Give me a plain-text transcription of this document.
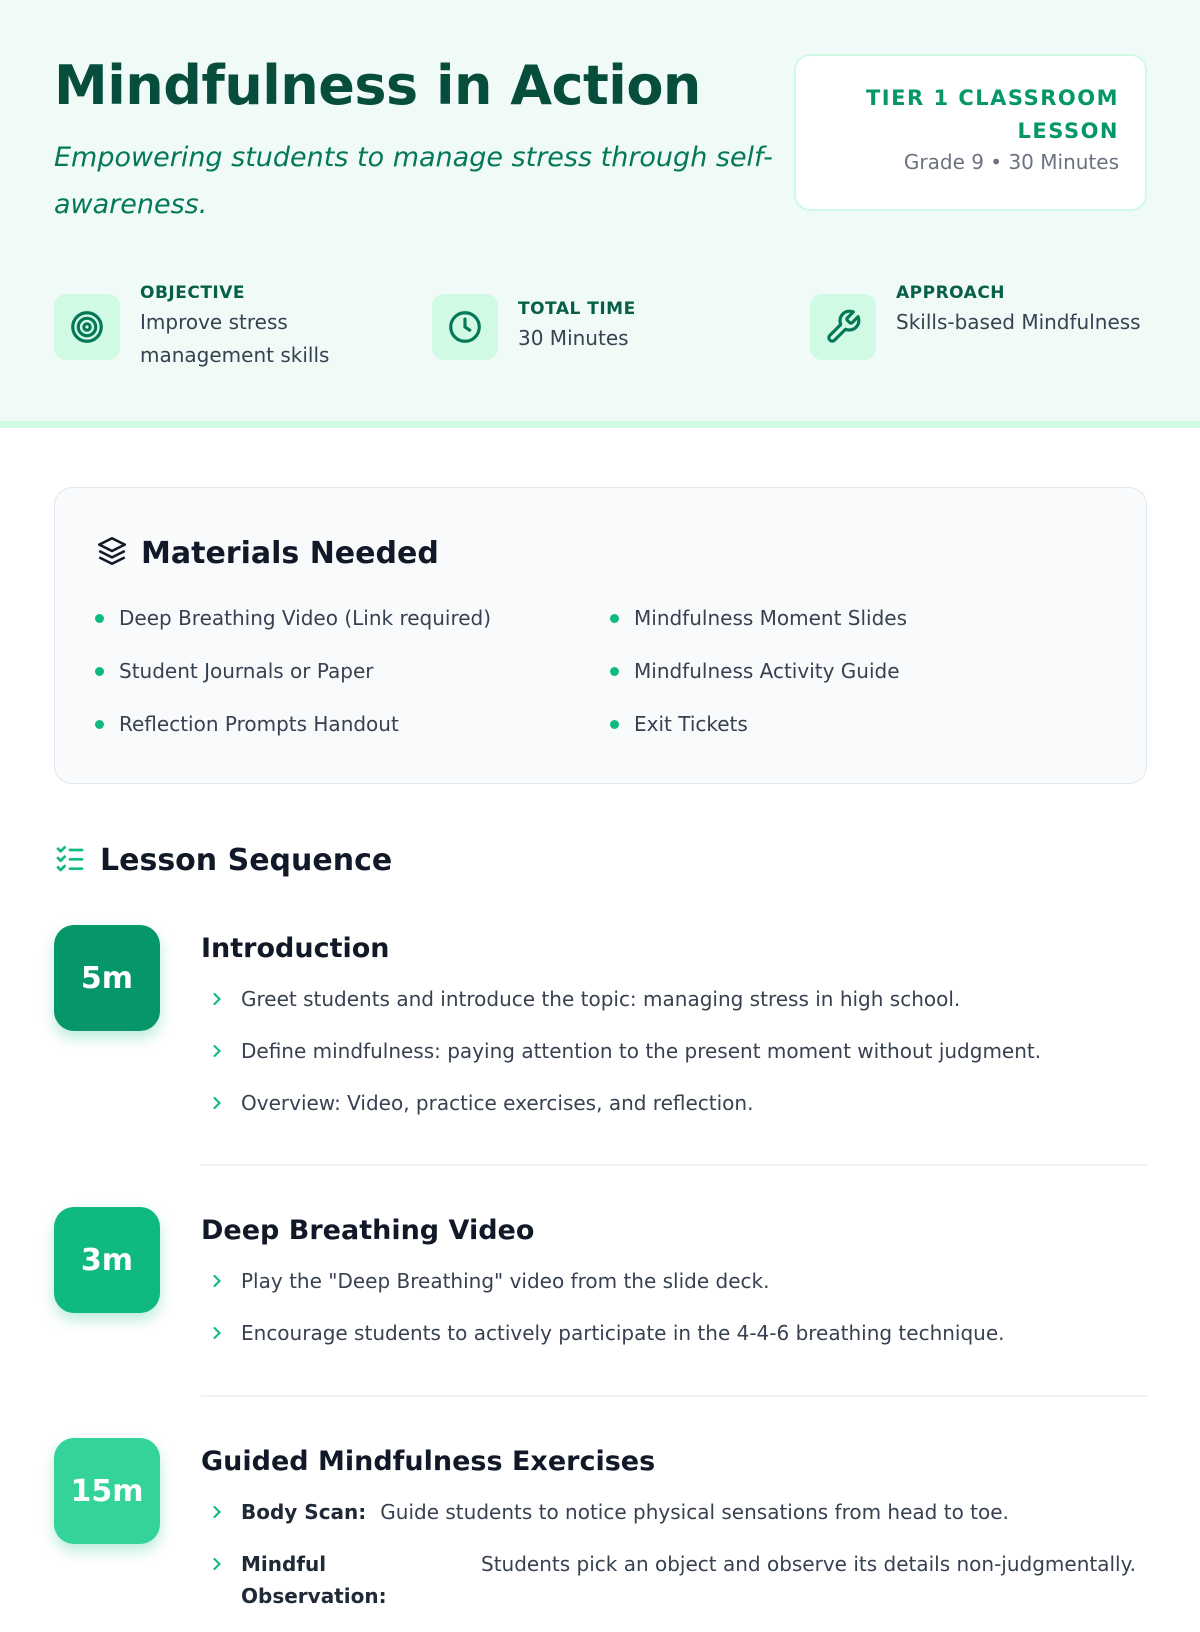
Mindfulness in Action
Empowering students to manage stress through self-awareness.
TIER 1 CLASSROOM LESSON
Grade 9 • 30 Minutes
OBJECTIVE
Improve stress management skills
TOTAL TIME
30 Minutes
APPROACH
Skills-based Mindfulness
Materials Needed
Deep Breathing Video (Link required)
Student Journals or Paper
Reflection Prompts Handout
Mindfulness Moment Slides
Mindfulness Activity Guide
Exit Tickets
Lesson Sequence
5m
Introduction
Greet students and introduce the topic: managing stress in high school.
Define mindfulness: paying attention to the present moment without judgment.
Overview: Video, practice exercises, and reflection.
3m
Deep Breathing Video
Play the "Deep Breathing" video from the slide deck.
Encourage students to actively participate in the 4-4-6 breathing technique.
15m
Guided Mindfulness Exercises
Body Scan: Guide students to notice physical sensations from head to toe.
Mindful Observation:
Students pick an object and observe its details non-judgmentally.
